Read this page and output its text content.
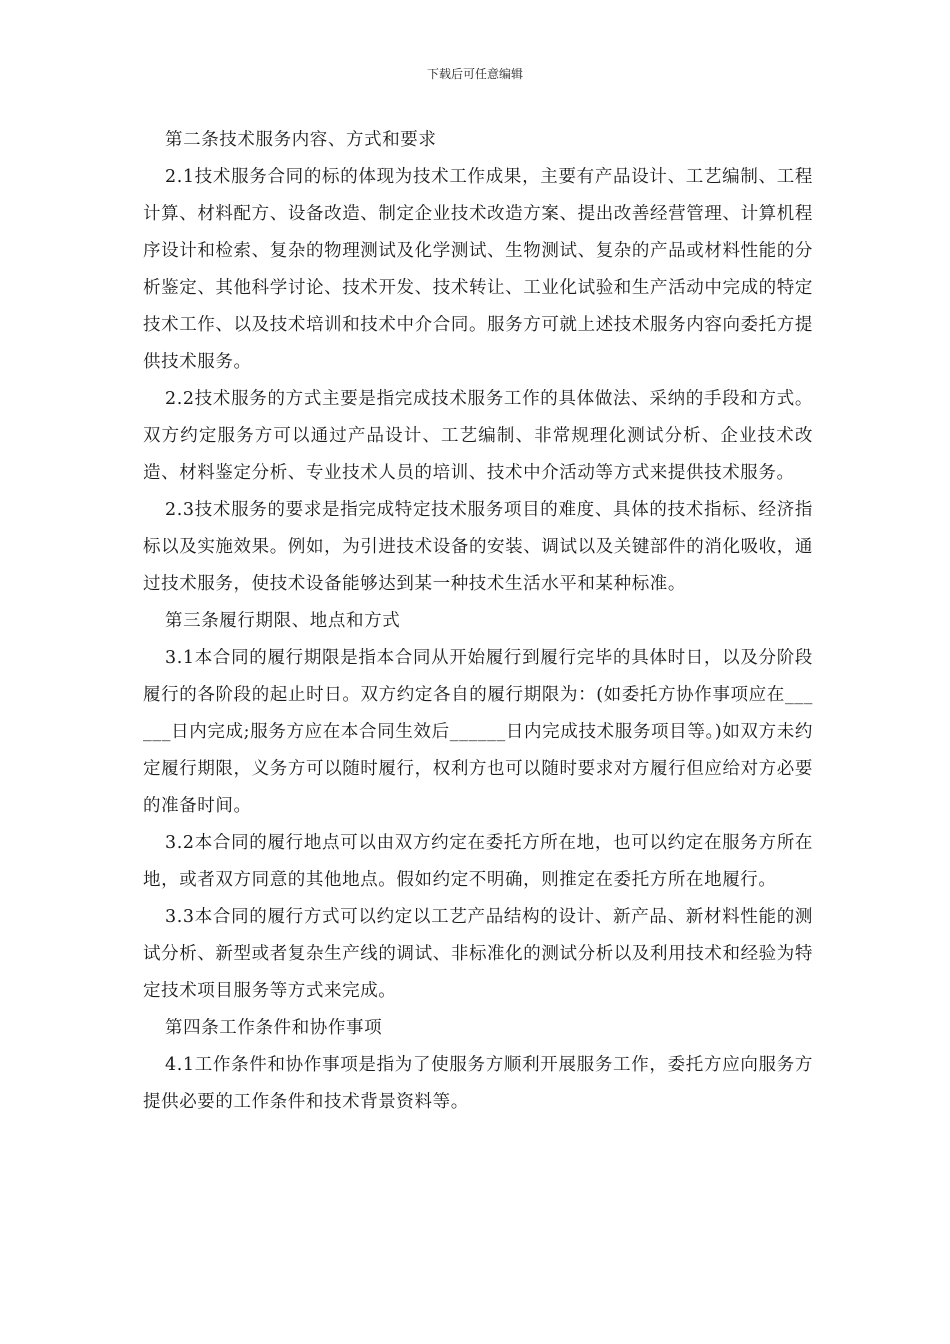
下载后可任意编辑

第二条技术服务内容、方式和要求

2.1技术服务合同的标的体现为技术工作成果，主要有产品设计、工艺编制、工程计算、材料配方、设备改造、制定企业技术改造方案、提出改善经营管理、计算机程序设计和检索、复杂的物理测试及化学测试、生物测试、复杂的产品或材料性能的分析鉴定、其他科学讨论、技术开发、技术转让、工业化试验和生产活动中完成的特定技术工作、以及技术培训和技术中介合同。服务方可就上述技术服务内容向委托方提供技术服务。

2.2技术服务的方式主要是指完成技术服务工作的具体做法、采纳的手段和方式。双方约定服务方可以通过产品设计、工艺编制、非常规理化测试分析、企业技术改造、材料鉴定分析、专业技术人员的培训、技术中介活动等方式来提供技术服务。

2.3技术服务的要求是指完成特定技术服务项目的难度、具体的技术指标、经济指标以及实施效果。例如，为引进技术设备的安装、调试以及关键部件的消化吸收，通过技术服务，使技术设备能够达到某一种技术生活水平和某种标准。

第三条履行期限、地点和方式

3.1本合同的履行期限是指本合同从开始履行到履行完毕的具体时日，以及分阶段履行的各阶段的起止时日。双方约定各自的履行期限为：(如委托方协作事项应在______日内完成;服务方应在本合同生效后______日内完成技术服务项目等。)如双方未约定履行期限，义务方可以随时履行，权利方也可以随时要求对方履行但应给对方必要的准备时间。

3.2本合同的履行地点可以由双方约定在委托方所在地，也可以约定在服务方所在地，或者双方同意的其他地点。假如约定不明确，则推定在委托方所在地履行。

3.3本合同的履行方式可以约定以工艺产品结构的设计、新产品、新材料性能的测试分析、新型或者复杂生产线的调试、非标准化的测试分析以及利用技术和经验为特定技术项目服务等方式来完成。

第四条工作条件和协作事项

4.1工作条件和协作事项是指为了使服务方顺利开展服务工作，委托方应向服务方提供必要的工作条件和技术背景资料等。
